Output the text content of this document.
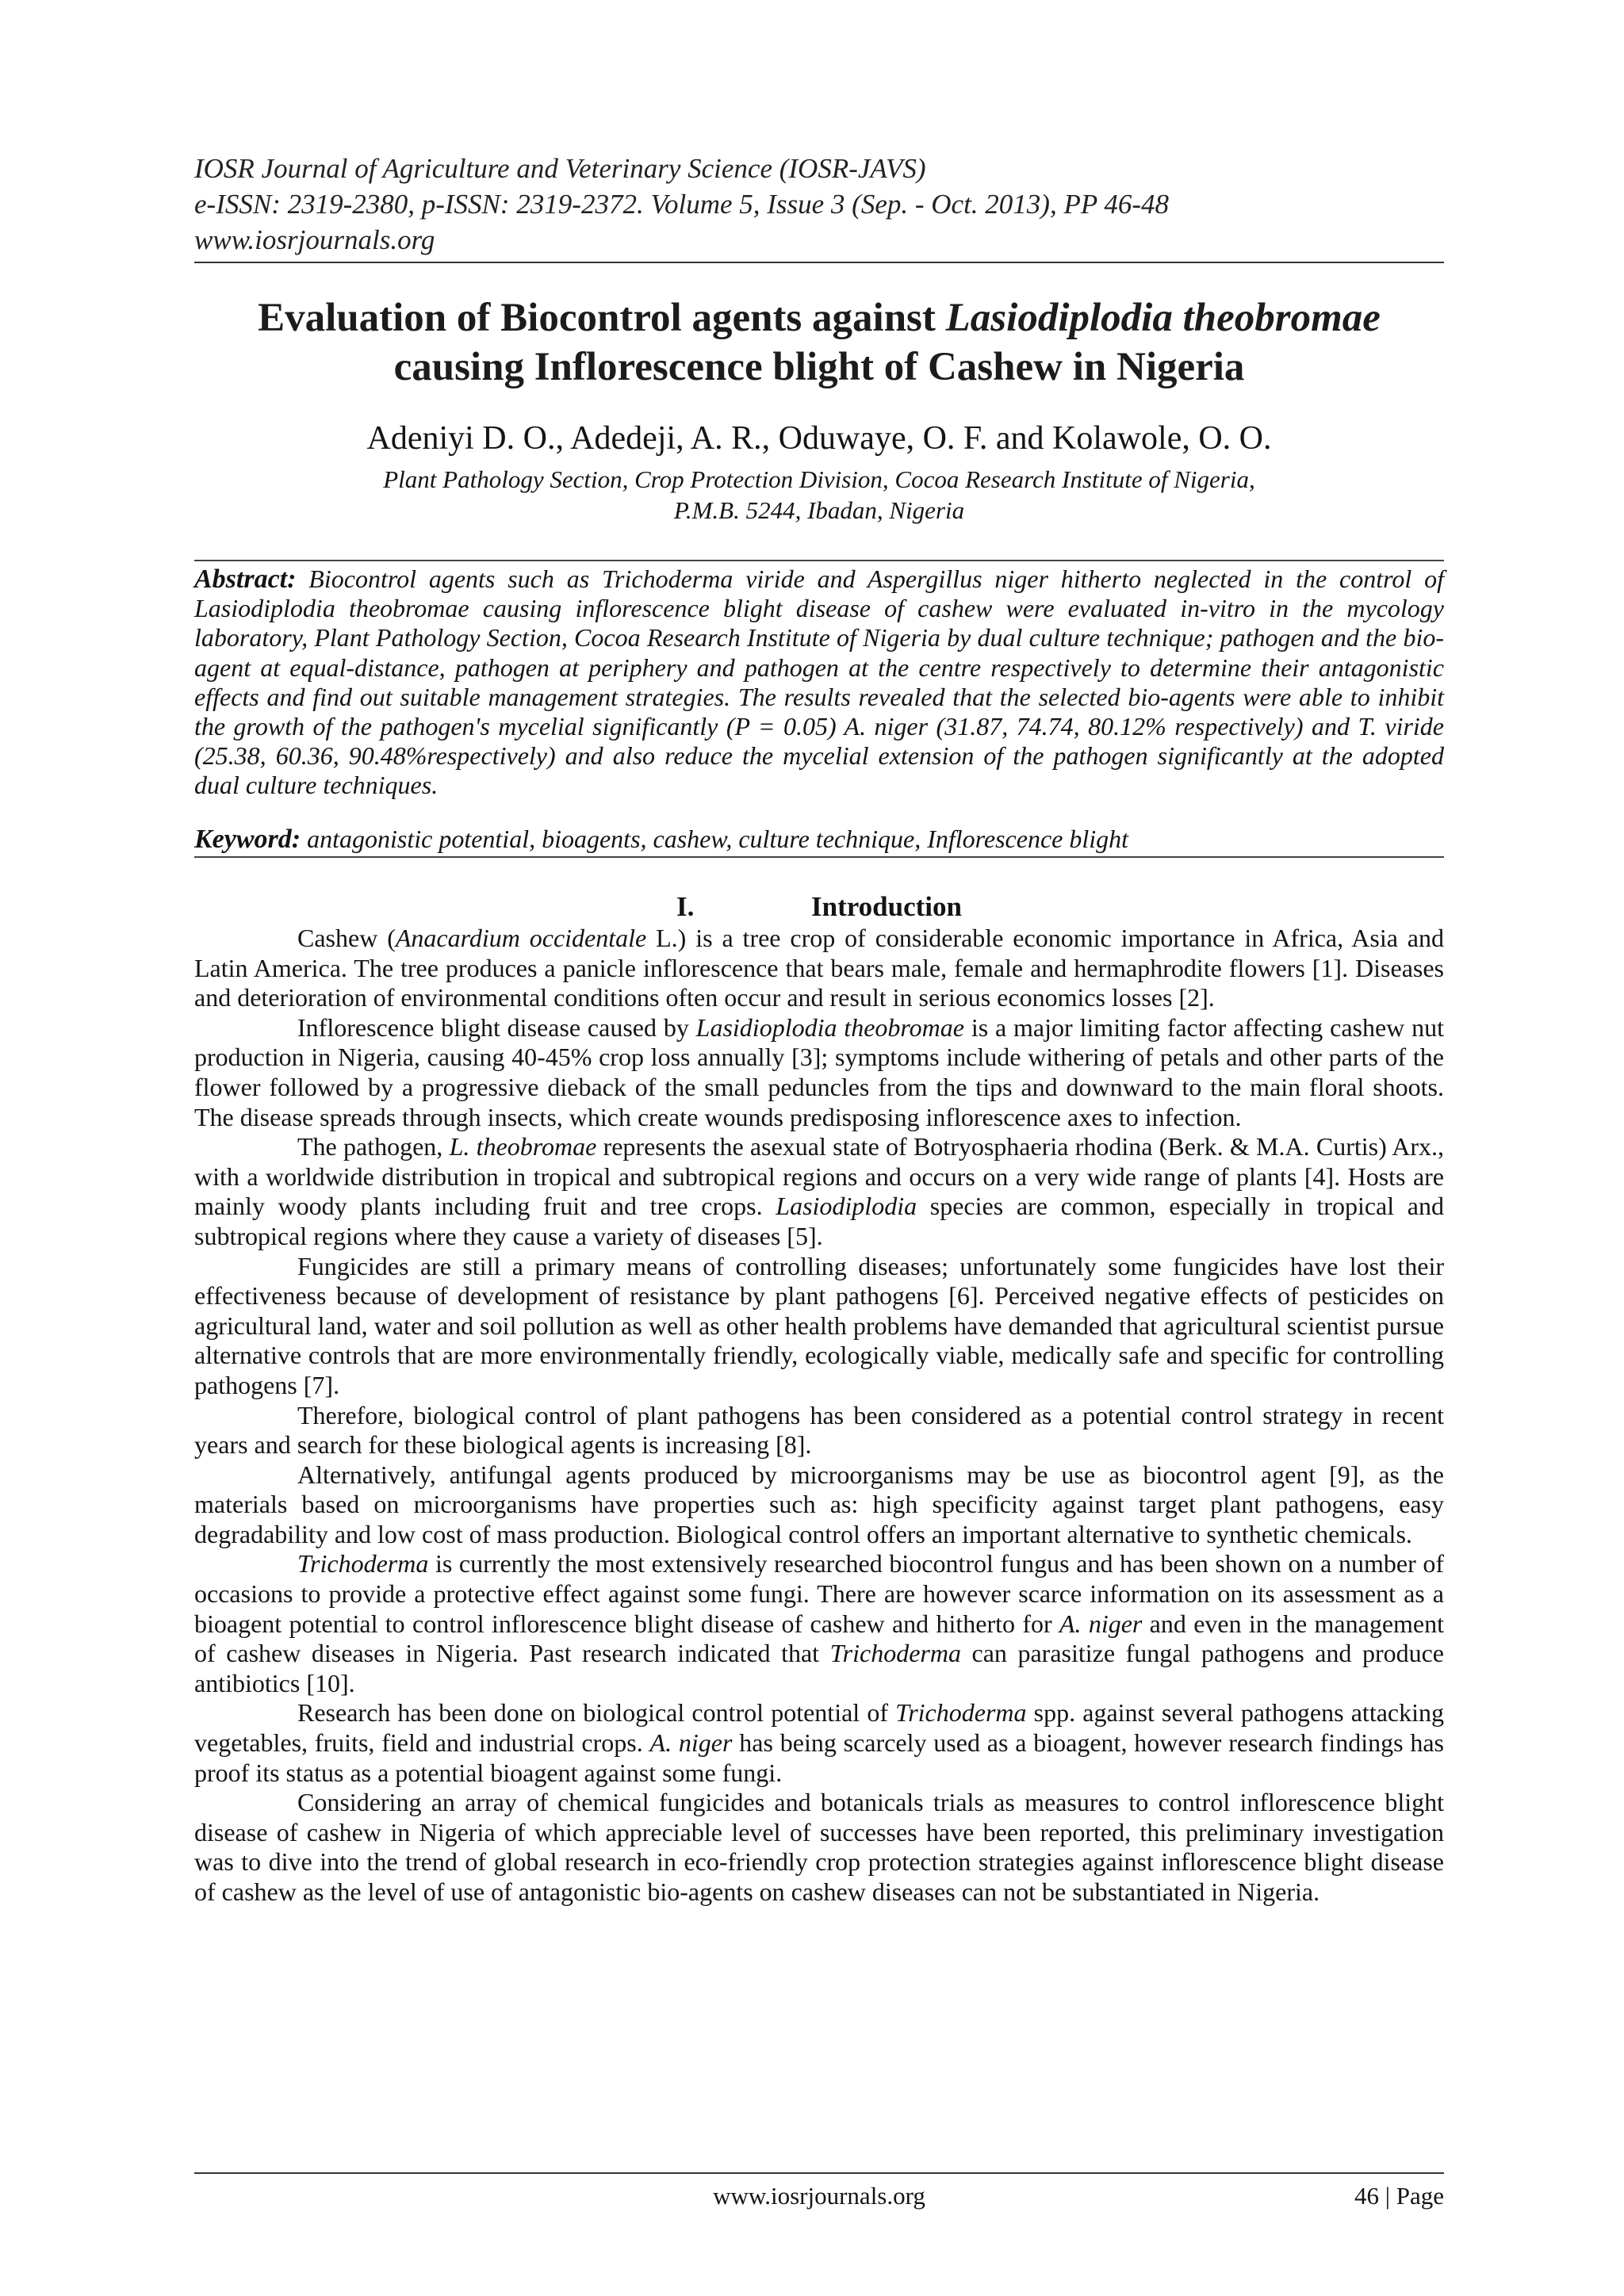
IOSR Journal of Agriculture and Veterinary Science (IOSR-JAVS)
e-ISSN: 2319-2380, p-ISSN: 2319-2372. Volume 5, Issue 3 (Sep. - Oct. 2013), PP 46-48
www.iosrjournals.org
Evaluation of Biocontrol agents against Lasiodiplodia theobromae
causing Inflorescence blight of Cashew in Nigeria
Adeniyi D. O., Adedeji, A. R., Oduwaye, O. F. and Kolawole, O. O.
Plant Pathology Section, Crop Protection Division, Cocoa Research Institute of Nigeria,
P.M.B. 5244, Ibadan, Nigeria

Abstract: Biocontrol agents such as Trichoderma viride and Aspergillus niger hitherto neglected in the control of Lasiodiplodia theobromae causing inflorescence blight disease of cashew were evaluated in-vitro in the mycology laboratory, Plant Pathology Section, Cocoa Research Institute of Nigeria by dual culture technique; pathogen and the bio-agent at equal-distance, pathogen at periphery and pathogen at the centre respectively to determine their antagonistic effects and find out suitable management strategies. The results revealed that the selected bio-agents were able to inhibit the growth of the pathogen's mycelial significantly (P = 0.05) A. niger (31.87, 74.74, 80.12% respectively) and T. viride (25.38, 60.36, 90.48%respectively) and also reduce the mycelial extension of the pathogen significantly at the adopted dual culture techniques.

Keyword: antagonistic potential, bioagents, cashew, culture technique, Inflorescence blight
I.	Introduction

Cashew (Anacardium occidentale L.) is a tree crop of considerable economic importance in Africa, Asia and Latin America. The tree produces a panicle inflorescence that bears male, female and hermaphrodite flowers [1]. Diseases and deterioration of environmental conditions often occur and result in serious economics losses [2].

Inflorescence blight disease caused by Lasidioplodia theobromae is a major limiting factor affecting cashew nut production in Nigeria, causing 40-45% crop loss annually [3]; symptoms include withering of petals and other parts of the flower followed by a progressive dieback of the small peduncles from the tips and downward to the main floral shoots. The disease spreads through insects, which create wounds predisposing inflorescence axes to infection.

The pathogen, L. theobromae represents the asexual state of Botryosphaeria rhodina (Berk. & M.A. Curtis) Arx., with a worldwide distribution in tropical and subtropical regions and occurs on a very wide range of plants [4]. Hosts are mainly woody plants including fruit and tree crops. Lasiodiplodia species are common, especially in tropical and subtropical regions where they cause a variety of diseases [5].

Fungicides are still a primary means of controlling diseases; unfortunately some fungicides have lost their effectiveness because of development of resistance by plant pathogens [6]. Perceived negative effects of pesticides on agricultural land, water and soil pollution as well as other health problems have demanded that agricultural scientist pursue alternative controls that are more environmentally friendly, ecologically viable, medically safe and specific for controlling pathogens [7].

Therefore, biological control of plant pathogens has been considered as a potential control strategy in recent years and search for these biological agents is increasing [8].

Alternatively, antifungal agents produced by microorganisms may be use as biocontrol agent [9], as the materials based on microorganisms have properties such as: high specificity against target plant pathogens, easy degradability and low cost of mass production. Biological control offers an important alternative to synthetic chemicals.

Trichoderma is currently the most extensively researched biocontrol fungus and has been shown on a number of occasions to provide a protective effect against some fungi. There are however scarce information on its assessment as a bioagent potential to control inflorescence blight disease of cashew and hitherto for A. niger and even in the management of cashew diseases in Nigeria. Past research indicated that Trichoderma can parasitize fungal pathogens and produce antibiotics [10].

Research has been done on biological control potential of Trichoderma spp. against several pathogens attacking vegetables, fruits, field and industrial crops. A. niger has being scarcely used as a bioagent, however research findings has proof its status as a potential bioagent against some fungi.

Considering an array of chemical fungicides and botanicals trials as measures to control inflorescence blight disease of cashew in Nigeria of which appreciable level of successes have been reported, this preliminary investigation was to dive into the trend of global research in eco-friendly crop protection strategies against inflorescence blight disease of cashew as the level of use of antagonistic bio-agents on cashew diseases can not be substantiated in Nigeria.

www.iosrjournals.org	46 | Page
